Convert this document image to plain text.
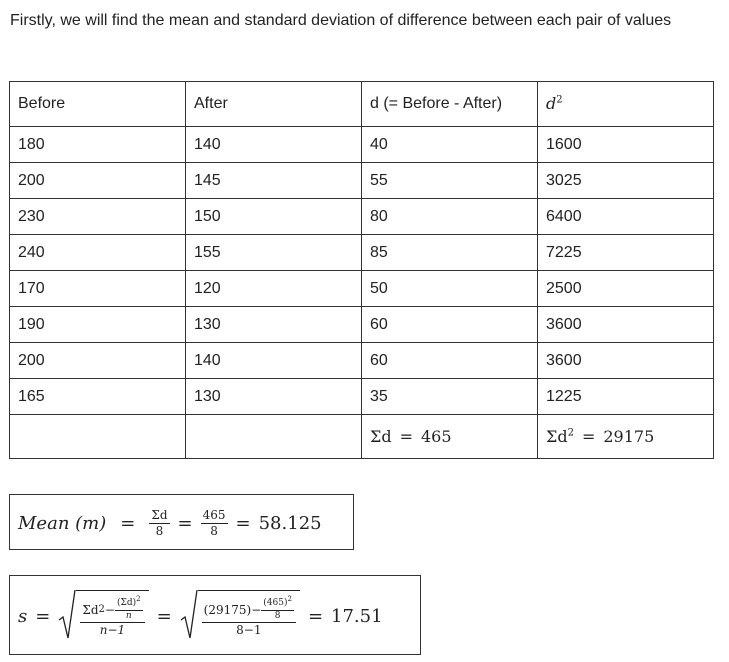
Firstly, we will find the mean and standard deviation of difference between each pair of values
Before	After	d (= Before - After)	$d^2$
180	140	40	1600
200	145	55	3025
230	150	80	6400
240	155	85	7225
170	120	50	2500
190	130	60	3600
200	140	60	3600
165	130	35	1225
		Σd = 465	$\Sigma d^2 = 29175$
Mean $(m) = \frac{\Sigma d}{8} = \frac{465}{8} = 58.125$
s =	Σd $2 - \frac{(\Sigma d)^2}{n}$
n−1
=	$\frac{(29175)- \frac{(465)^2}{8}}{8-1} = 17.51$
